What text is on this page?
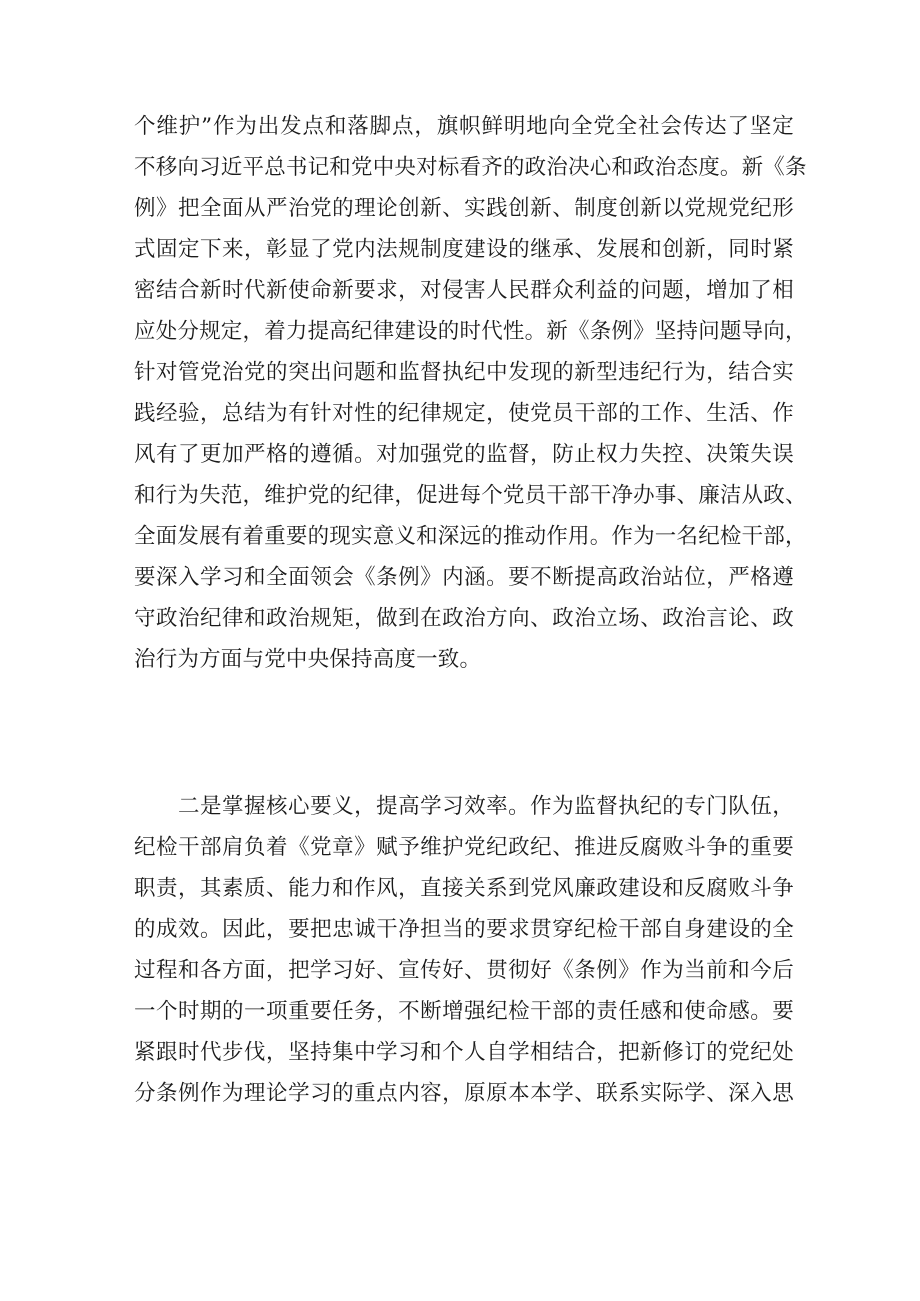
个维护”作为出发点和落脚点，旗帜鲜明地向全党全社会传达了坚定
不移向习近平总书记和党中央对标看齐的政治决心和政治态度。新《条
例》把全面从严治党的理论创新、实践创新、制度创新以党规党纪形
式固定下来，彰显了党内法规制度建设的继承、发展和创新，同时紧
密结合新时代新使命新要求，对侵害人民群众利益的问题，增加了相
应处分规定，着力提高纪律建设的时代性。新《条例》坚持问题导向，
针对管党治党的突出问题和监督执纪中发现的新型违纪行为，结合实
践经验，总结为有针对性的纪律规定，使党员干部的工作、生活、作
风有了更加严格的遵循。对加强党的监督，防止权力失控、决策失误
和行为失范，维护党的纪律，促进每个党员干部干净办事、廉洁从政、
全面发展有着重要的现实意义和深远的推动作用。作为一名纪检干部，
要深入学习和全面领会《条例》内涵。要不断提高政治站位，严格遵
守政治纪律和政治规矩，做到在政治方向、政治立场、政治言论、政
治行为方面与党中央保持高度一致。
二是掌握核心要义，提高学习效率。作为监督执纪的专门队伍，
纪检干部肩负着《党章》赋予维护党纪政纪、推进反腐败斗争的重要
职责，其素质、能力和作风，直接关系到党风廉政建设和反腐败斗争
的成效。因此，要把忠诚干净担当的要求贯穿纪检干部自身建设的全
过程和各方面，把学习好、宣传好、贯彻好《条例》作为当前和今后
一个时期的一项重要任务，不断增强纪检干部的责任感和使命感。要
紧跟时代步伐，坚持集中学习和个人自学相结合，把新修订的党纪处
分条例作为理论学习的重点内容，原原本本学、联系实际学、深入思
